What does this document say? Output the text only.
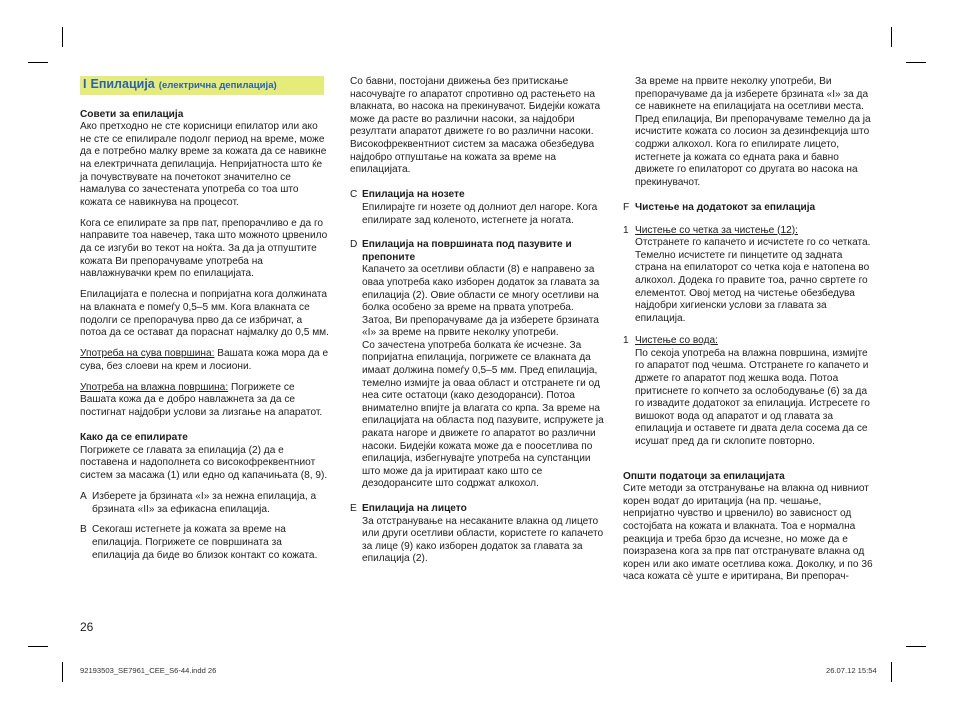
I Епилација (електрична депилација)
Совети за епилација

Ако претходно не сте корисници епилатор или ако не сте се епилирале подолг период на време, може да е потребно малку време за кожата да се навикне на електричната депилација. Непријатноста што ќе ја почувствувате на почетокот значително се намалува со зачестената употреба со тоа што кожата се навикнува на процесот.

Кога се епилирате за прв пат, препорачливо е да го направите тоа навечер, така што можното црвенило да се изгуби во текот на ноќта. За да ја отпуштите кожата Ви препорачуваме употреба на навлажнувачки крем по епилацијата.

Епилацијата е полесна и попријатна кога должината на влакната е помеѓу 0,5–5 мм. Кога влакната се подолги се препорачува прво да се избричат, а потоа да се остават да пораснат најмалку до 0,5 мм.

Употреба на сува површина: Вашата кожа мора да е сува, без слоеви на крем и лосиони.

Употреба на влажна површина: Погрижете се Вашата кожа да е добро навлажнета за да се постигнат најдобри услови за лизгање на апаратот.

Како да се епилирате

Погрижете се главата за епилација (2) да е поставена и надополнета со високофреквентниот систем за масажа (1) или едно од капачињата (8, 9).

A Изберете ја брзината «I» за нежна епилација, а брзината «II» за ефикасна епилација.
B Секогаш истегнете ја кожата за време на епилација. Погрижете се површината за епилација да биде во близок контакт со кожата.

Со бавни, постојани движења без притискање насочувајте го апаратот спротивно од растењето на влакната, во насока на прекинувачот. Бидејќи кожата може да расте во различни насоки, за најдобри резултати апаратот движете го во различни насоки. Високофреквентниот систем за масажа обезбедува најдобро отпуштање на кожата за време на епилацијата.

C Епилација на нозете
Епилирајте ги нозете од долниот дел нагоре. Кога епилирате зад коленото, истегнете ја ногата.
D Епилација на површината под пазувите и препоните
Капачето за осетливи области (8) е направено за оваа употреба како изборен додаток за главата за епилација (2). Овие области се многу осетливи на болка особено за време на првата употреба. Затоа, Ви препорачуваме да ја изберете брзината «I» за време на првите неколку употреби.
Со зачестена употреба болката ќе исчезне. За попријатна епилација, погрижете се влакната да имаат должина помеѓу 0,5–5 мм. Пред епилација, темелно измијте ја оваа област и отстранете ги од неа сите остатоци (како дезодоранси). Потоа внимателно впијте ја влагата со крпа. За време на епилацијата на областа под пазувите, испружете ја раката нагоре и движете го апаратот во различни насоки. Бидејќи кожата може да е поосетлива по епилација, избегнувајте употреба на супстанции што може да ја иритираат како што се дезодорансите што содржат алкохол.
E Епилација на лицето
За отстранување на несаканите влакна од лицето или други осетливи области, користете го капачето за лице (9) како изборен додаток за главата за епилација (2).
За време на првите неколку употреби, Ви препорачуваме да ја изберете брзината «I» за да се навикнете на епилацијата на осетливи места.

Пред епилација, Ви препорачуваме темелно да ја исчистите кожата со лосион за дезинфекција што содржи алкохол. Кога го епилирате лицето, истегнете ја кожата со едната рака и бавно движете го епилаторот со другата во насока на прекинувачот.

F Чистење на додатокот за епилација
1 Чистење со четка за чистење (12):
Отстранете го капачето и исчистете го со четката. Темелно исчистете ги пинцетите од задната страна на епилаторот со четка која е натопена во алкохол. Додека го правите тоа, рачно свртете го елементот. Овој метод на чистење обезбедува најдобри хигиенски услови за главата за епилација.
1 Чистење со вода:
По секоја употреба на влажна површина, измијте го апаратот под чешма. Отстранете го капачето и држете го апаратот под жешка вода. Потоа притиснете го копчето за ослободување (6) за да го извадите додатокот за епилација. Истресете го вишокот вода од апаратот и од главата за епилација и оставете ги двата дела сосема да се исушат пред да ги склопите повторно.
Општи податоци за епилацијата

Сите методи за отстранување на влакна од нивниот корен водат до иритација (на пр. чешање, непријатно чувство и црвенило) во зависност од состојбата на кожата и влакната. Тоа е нормална реакција и треба брзо да исчезне, но може да е поизразена кога за прв пат отстранувате влакна од корен или ако имате осетлива кожа. Доколку, и по 36 часа кожата сè уште е иритирана, Ви препорач-

26
92193503_SE7961_CEE_S6-44.indd 26	26.07.12 15:54
